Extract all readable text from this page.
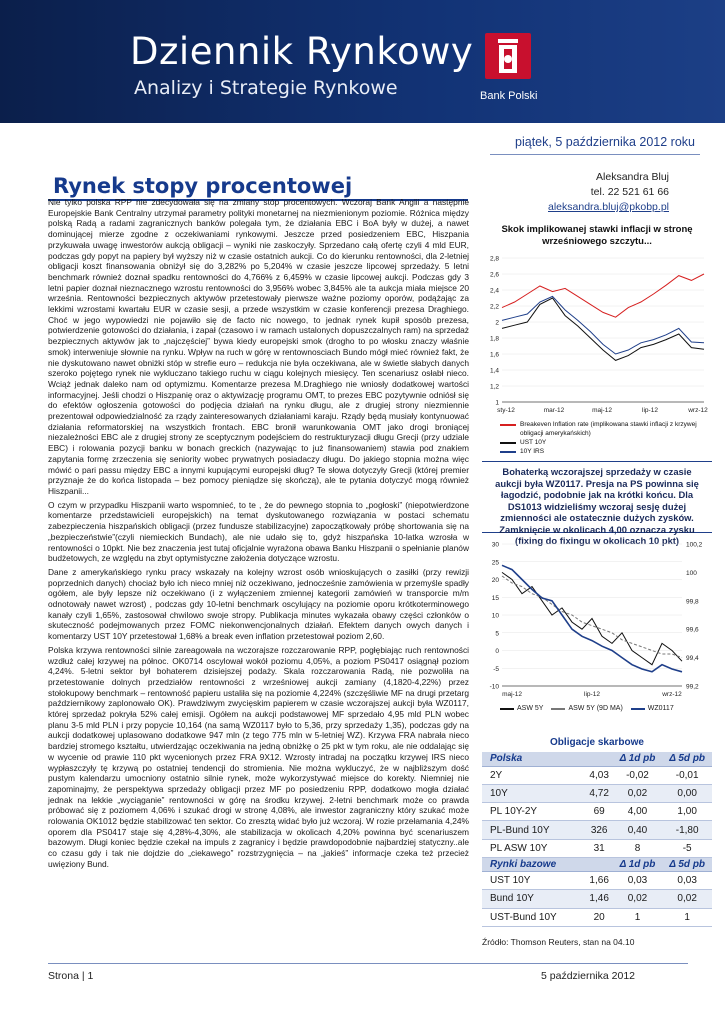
Dziennik Rynkowy
Analizy i Strategie Rynkowe	Bank Polski
piątek, 5 października 2012 roku
Rynek stopy procentowej

Nie tylko polska RPP nie zdecydowała się na zmiany stóp procentowych. Wczoraj Bank Anglii a następnie Europejskie Bank Centralny utrzymał parametry polityki monetarnej na niezmienionym poziomie. Różnica między polską Radą a radami zagranicznych banków polegała tym, że działania EBC i BoA były w dużej, a nawet dominującej mierze zgodne z oczekiwaniami rynkowymi. Jeszcze przed posiedzeniem EBC, Hiszpania przykuwała uwagę inwestorów aukcją obligacji – wyniki nie zaskoczyły. Sprzedano całą ofertę czyli 4 mld EUR, podczas gdy popyt na papiery był wyższy niż w czasie ostatnich aukcji. Co do kierunku rentowności, dla 2-letniej obligacji koszt finansowania obniżył się do 3,282% po 5,204% w czasie jeszcze lipcowej sprzedaży. 5 letni benchmark również doznał spadku rentowności do 4,766% z 6,459% w czasie lipcowej aukcji. Podczas gdy 3 letni papier doznał nieznacznego wzrostu rentowności do 3,956% wobec 3,845% ale ta aukcja miała miejsce 20 września. Rentowności bezpiecznych aktywów przetestowały pierwsze ważne poziomy oporów, podążając za lekkimi wzrostami kwartału EUR w czasie sesji, a przede wszystkim w czasie konferencji prezesa Draghiego. Choć w jego wypowiedzi nie pojawiło się de facto nic nowego, to jednak rynek kupił sposób prezesa, potwierdzenie gotowości do działania, i zapał (czasowo i w ramach ustalonych dopuszczalnych ram) na sprzedaż bezpiecznych aktywów jak to „najczęściej” bywa kiedy europejski smok (drogho to po włosku znaczy właśnie smok) interweniuje słownie na rynku. Wpływ na ruch w górę w rentownosciach Bundo mógł mieć również fakt, że nie dyskutowano nawet obniżki stóp w strefie euro – redukcja nie była oczekiwana, ale w świetle słabych danych szeroko pojętego rynek nie wykluczano takiego ruchu w ciągu kolejnych miesięcy. Ten scenariusz osłabł nieco. Wciąż jednak daleko nam od optymizmu. Komentarze prezesa M.Draghiego nie wniosły dodatkowej wartości informacyjnej. Jeśli chodzi o Hiszpanię oraz o aktywizację programu OMT, to prezes EBC pozytywnie odniósł się do efektów ogłoszenia gotowości do podjęcia działań na rynku długu, ale z drugiej strony niezmiennie prezentował odpowiedzialność za rządy zainteresowanych działaniami karaju. Rządy będą musiały kontynuować działania reformatorskiej na wszystkich frontach. EBC bronił warunkowania OMT jako drogi broniącej niezależności EBC ale z drugiej strony ze sceptycznym podejściem do restrukturyzacji długu Grecji (przy udziale EBC) i rolowania pozycji banku w bonach greckich (nazywając to już finansowaniem) stawia pod znakiem zapytania formę zrzeczenia się seniority wobec prywatnych posiadaczy długu. Do jakiego stopnia można więc mówić o pari passu między EBC a innymi kupującymi europejski dług? Te słowa dotyczyły Grecji (której premier przyznaje że do końca listopada – bez pomocy pieniądze się skończą), ale te pytania dotyczyć mogą również Hiszpanii...

O czym w przypadku Hiszpanii warto wspomnieć, to te , że do pewnego stopnia to „pogłoski” (niepotwierdzone komentarze przedstawicieli europejskich) na temat dyskutowanego rozwiązania w postaci schematu zabezpieczenia hiszpańskich obligacji (przez fundusze stabilizacyjne) zapoczątkowały próbę shortowania się na „bezpieczeństwie”(czyli niemieckich Bundach), ale nie udało się to, gdyż hiszpańska 10-latka wzrosła w rentowności o 10pkt. Nie bez znaczenia jest tutaj oficjalnie wyrażona obawa Banku Hiszpanii o spełnianie planów budżetowych, ze względu na zbyt optymistyczne założenia dotyczące wzrostu.

Dane z amerykańskiego rynku pracy wskazały na kolejny wzrost osób wnioskujących o zasiłki (przy rewizji poprzednich danych) chociaż było ich nieco mniej niż oczekiwano, jednocześnie zamówienia w przemyśle spadły ogółem, ale były lepsze niż oczekiwano (i z wyłączeniem zmiennej kategorii zamówień w transporcie m/m odnotowały nawet wzrost) , podczas gdy 10-letni benchmark oscylujący na poziomie oporu krótkoterminowego kanały czyli 1,65%, zastosował chwilowo swoje stropy. Publikacja minutes wykazała obawy części członków o skuteczność podejmowanych przez FOMC niekonwencjonalnych działań. Efektem danych owych danych i komentarzy UST 10Y przetestował 1,68% a break even inflation przetestował poziom 2,60.

Polska krzywa rentowności silnie zareagowała na wczorajsze rozczarowanie RPP, pogłębiając ruch rentowności wzdłuż całej krzywej na północ. OK0714 oscylował wokół poziomu 4,05%, a poziom PS0417 osiągnął poziom 4,24%. 5-letni sektor był bohaterem dzisiejszej podaży. Skala rozczarowania Radą, nie pozwoliła na przetestowanie dolnych przedziałów rentowności z wrześniowej aukcji zamiany (4,1820-4,22%) przez stołokupowy benchmark – rentowność papieru ustaliła się na poziomie 4,224% (szczęśliwie MF na drugi przetarg październikowy zaplonowało OK). Prawdziwym zwycięskim papierem w czasie wczorajszej aukcji była WZ0117, której sprzedaż pokryła 52% całej emisji. Ogółem na aukcji podstawowej MF sprzedało 4,95 mld PLN wobec planu 3-5 mld PLN i przy popycie 10,164 (na samą WZ0117 było to 5,36, przy sprzedaży 1,35), podczas gdy na aukcji dodatkowej uplasowano dodatkowe 947 mln (z tego 775 mln w 5-letniej WZ). Krzywa FRA nabrała nieco bardziej stromego kształtu, utwierdzając oczekiwania na jedną obniżkę o 25 pkt w tym roku, ale nie oddalając się w wycenie od prawie 110 pkt wycenionych przez FRA 9X12. Wzrosty intradaj na początku krzywej IRS nieco wypłaszczyły tę krzywą po ostatniej tendencji do stromienia. Nie można wykluczyć, że w najbliższym dość pustym kalendarzu umocniony ostatnio silnie rynek, może wykorzystywać miejsce do korekty. Niemniej nie zapominajmy, że perspektywa sprzedaży obligacji przez MF po posiedzeniu RPP, dodatkowo mogła działać jednak na lekkie „wyciąganie” rentowności w górę na środku krzywej. 2-letni benchmark może co prawda próbować się z poziomem 4,06% i szukać drogi w stronę 4,08%, ale inwestor zagraniczny który szukać może rolowania OK1012 będzie stabilizować ten sektor. Co zresztą widać było już wczoraj. W rozie przełamania 4,24% oporem dla PS0417 staje się 4,28%-4,30%, ale stabilizacja w okolicach 4,20% powinna być scenariuszem bazowym. Długi koniec będzie czekał na impuls z zagranicy i będzie prawdopodobnie najbardziej statyczny..ale co czasu gdy i tak nie dojdzie do „ciekawego” rozstrzygnięcia – na „jakieś” informacje czeka też przecież uwięziony Bund.

Aleksandra Bluj
tel. 22 521 61 66
aleksandra.bluj@pkobp.pl
Skok implikowanej stawki inflacji w stronę wrześniowego szczytu...
1
1,2
1,4
1,6
1,8
2
2,2
2,4
2,6
2,8
sty-12	mar-12	maj-12	lip-12	wrz-12
Breakeven Inflation rate (implikowana stawki inflacji z krzywej obligacji amerykańskich)
UST 10Y
10Y IRS
Bohaterką wczorajszej sprzedaży w czasie aukcji była WZ0117. Presja na PS powinna się łagodzić, podobnie jak na krótki końcu. Dla DS1013 widzieliśmy wczoraj sesję dużej zmienności ale ostatecznie dużych zysków. Zamknięcie w okolicach 4,00 oznacza zysku (fixing do fixingu w okolicach 10 pkt)
-10
-5
0
5
10
15
20
25
30
99,2
99,4
99,6
99,8
100
100,2
maj-12	lip-12	wrz-12
ASW 5Y	ASW 5Y (9D MA)	WZ0117
Obligacje skarbowe
Polska		Δ 1d pb	Δ 5d pb
2Y	4,03	-0,02	-0,01
10Y	4,72	0,02	0,00
PL 10Y-2Y	69	4,00	1,00
PL-Bund 10Y	326	0,40	-1,80
PL ASW 10Y	31	8	-5
Rynki bazowe		Δ 1d pb	Δ 5d pb
UST 10Y	1,66	0,03	0,03
Bund 10Y	1,46	0,02	0,02
UST-Bund 10Y	20	1	1
Źródło: Thomson Reuters, stan na 04.10
Strona | 1	5 października 2012
